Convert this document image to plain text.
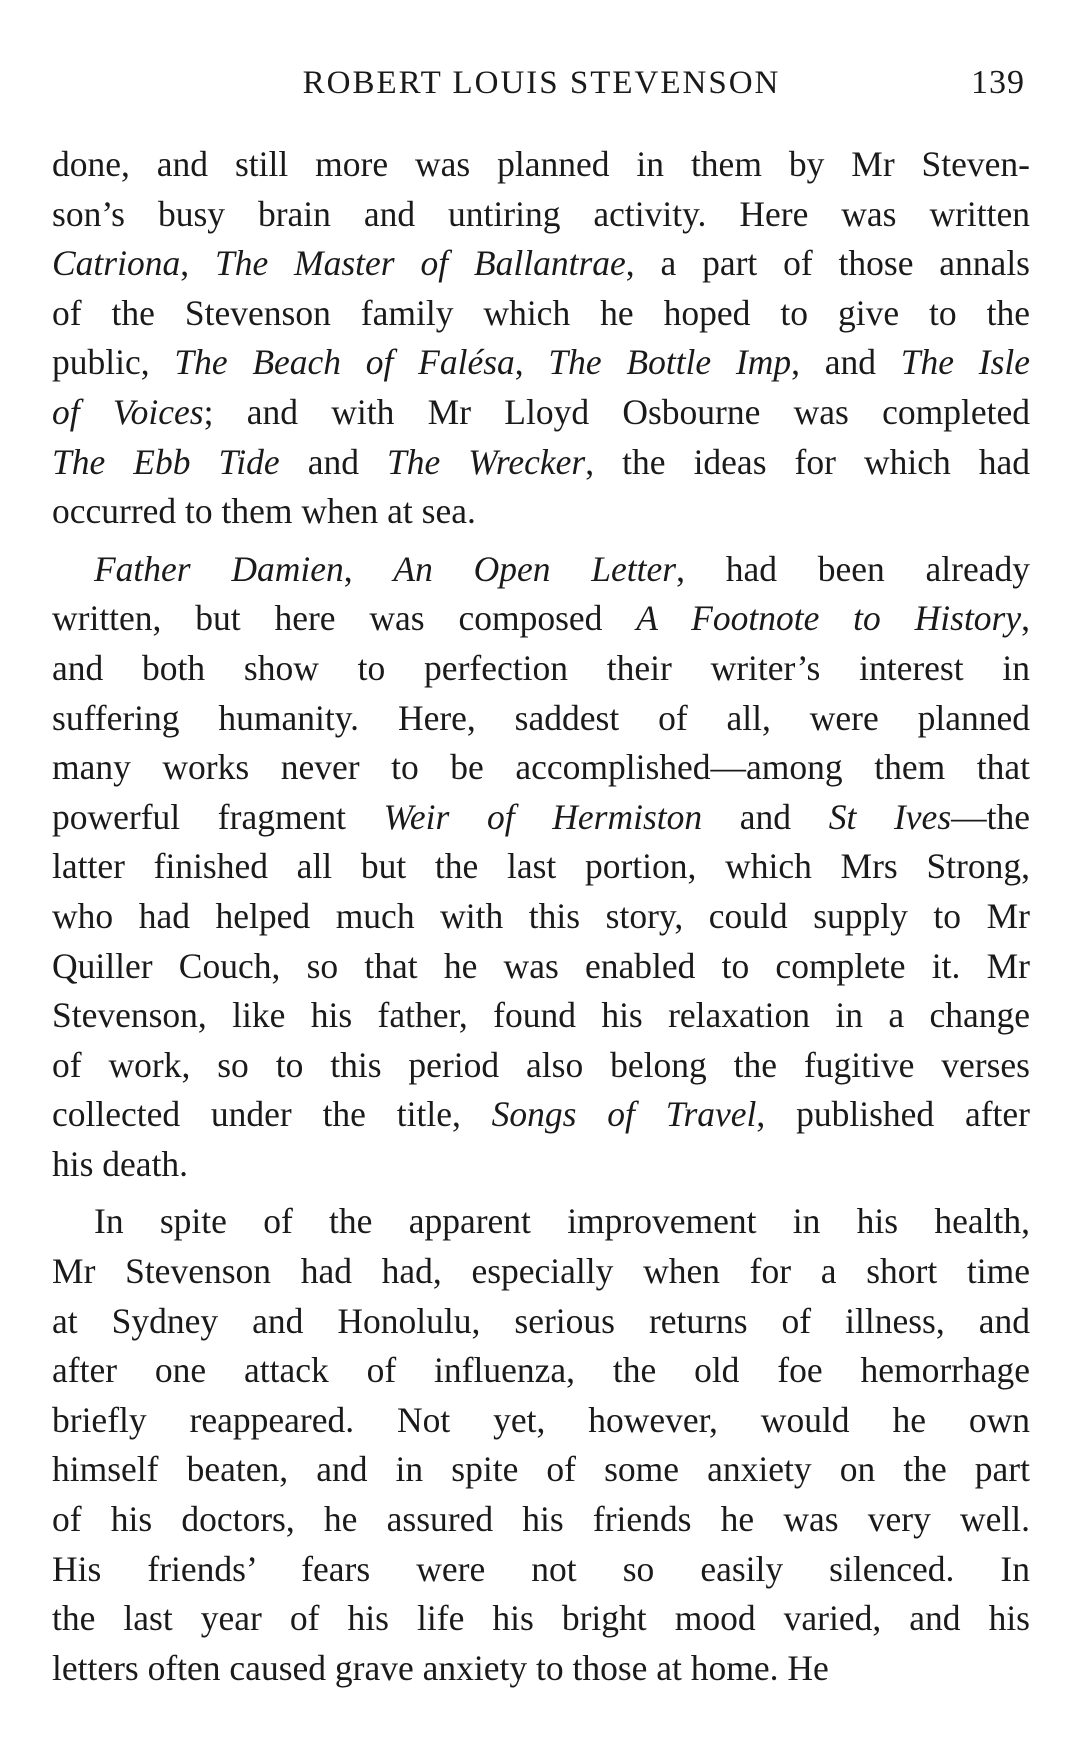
ROBERT LOUIS STEVENSON	139
done, and still more was planned in them by Mr Steven-
son’s busy brain and untiring activity. Here was written
Catriona, The Master of Ballantrae, a part of those annals
of the Stevenson family which he hoped to give to the
public, The Beach of Falésa, The Bottle Imp, and The Isle
of Voices; and with Mr Lloyd Osbourne was completed
The Ebb Tide and The Wrecker, the ideas for which had
occurred to them when at sea.
Father Damien, An Open Letter, had been already
written, but here was composed A Footnote to History,
and both show to perfection their writer’s interest in
suffering humanity. Here, saddest of all, were planned
many works never to be accomplished—among them that
powerful fragment Weir of Hermiston and St Ives—the
latter finished all but the last portion, which Mrs Strong,
who had helped much with this story, could supply to Mr
Quiller Couch, so that he was enabled to complete it. Mr
Stevenson, like his father, found his relaxation in a change
of work, so to this period also belong the fugitive verses
collected under the title, Songs of Travel, published after
his death.
In spite of the apparent improvement in his health,
Mr Stevenson had had, especially when for a short time
at Sydney and Honolulu, serious returns of illness, and
after one attack of influenza, the old foe hemorrhage
briefly reappeared. Not yet, however, would he own
himself beaten, and in spite of some anxiety on the part
of his doctors, he assured his friends he was very well.
His friends’ fears were not so easily silenced. In
the last year of his life his bright mood varied, and his
letters often caused grave anxiety to those at home. He
